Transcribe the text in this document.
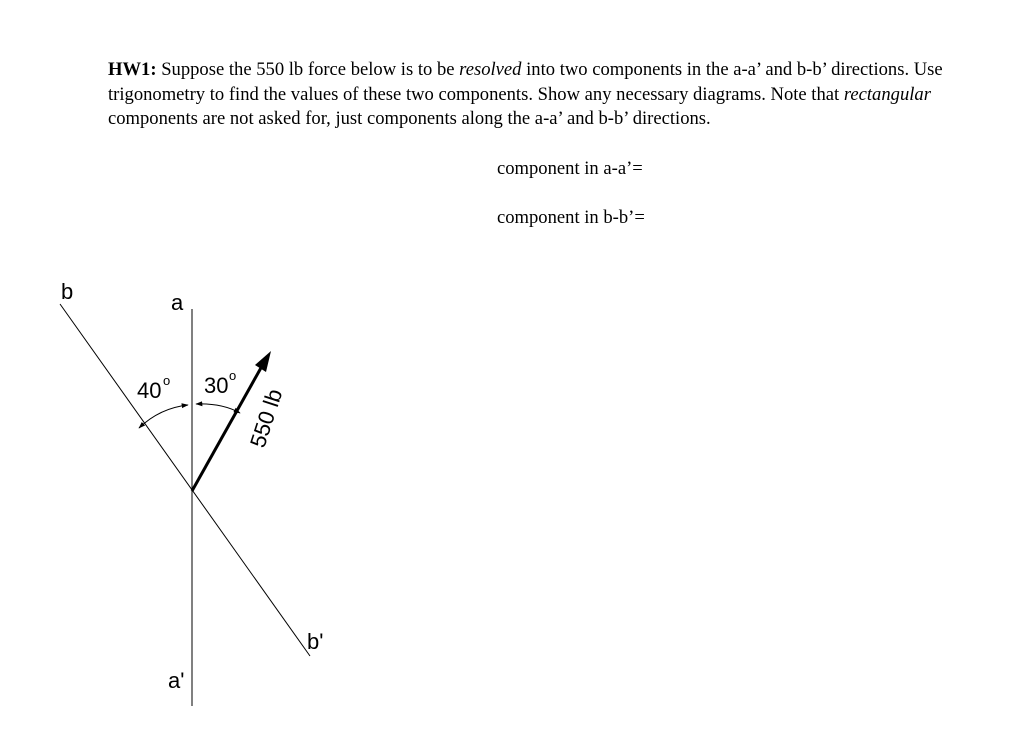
HW1: Suppose the 550 lb force below is to be resolved into two components in the a-a’ and b-b’ directions. Use trigonometry to find the values of these two components. Show any necessary diagrams. Note that rectangular components are not asked for, just components along the a-a’ and b-b’ directions.

component in a-a’=
component in b-b’=
b	a
b'
a'
40 o 30 o
550 lb
